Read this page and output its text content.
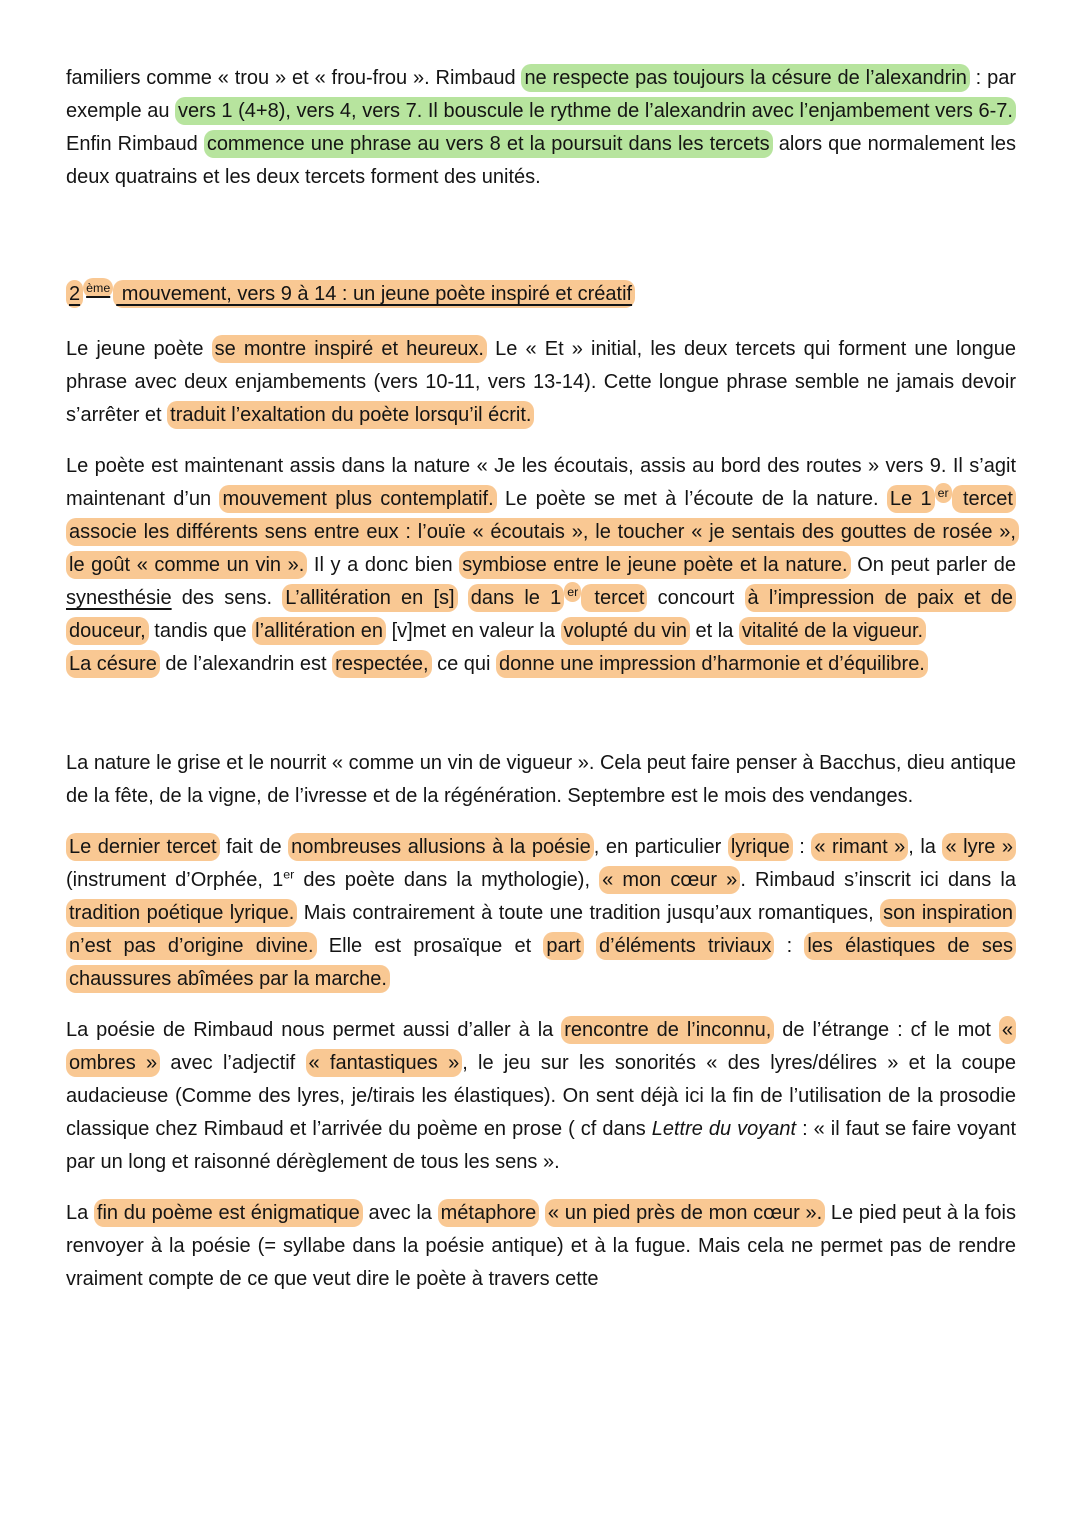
familiers comme « trou » et « frou-frou ». Rimbaud ne respecte pas toujours la césure de l’alexandrin : par exemple au vers 1 (4+8), vers 4, vers 7. Il bouscule le rythme de l’alexandrin avec l’enjambement vers 6-7. Enfin Rimbaud commence une phrase au vers 8 et la poursuit dans les tercets alors que normalement les deux quatrains et les deux tercets forment des unités.
2 $^{ème}$ mouvement, vers 9 à 14 : un jeune poète inspiré et créatif
Le jeune poète se montre inspiré et heureux. Le « Et » initial, les deux tercets qui forment une longue phrase avec deux enjambements (vers 10-11, vers 13-14). Cette longue phrase semble ne jamais devoir s’arrêter et traduit l’exaltation du poète lorsqu’il écrit.
Le poète est maintenant assis dans la nature « Je les écoutais, assis au bord des routes » vers 9. Il s’agit maintenant d’un mouvement plus contemplatif. Le poète se met à l’écoute de la nature. Le 1 $^{er}$ tercet associe les différents sens entre eux : l’ouïe « écoutais », le toucher « je sentais des gouttes de rosée », le goût « comme un vin ». Il y a donc bien symbiose entre le jeune poète et la nature. On peut parler de synesthésie des sens. L’allitération en [s] dans le 1 $^{er}$ tercet concourt à l’impression de paix et de douceur, tandis que l’allitération en [v]met en valeur la volupté du vin et la vitalité de la vigueur.
La césure de l’alexandrin est respectée, ce qui donne une impression d’harmonie et d’équilibre.
La nature le grise et le nourrit « comme un vin de vigueur ». Cela peut faire penser à Bacchus, dieu antique de la fête, de la vigne, de l’ivresse et de la régénération. Septembre est le mois des vendanges.
Le dernier tercet fait de nombreuses allusions à la poésie , en particulier lyrique : « rimant » , la « lyre » (instrument d’Orphée, 1er des poète dans la mythologie), « mon cœur » . Rimbaud s’inscrit ici dans la tradition poétique lyrique. Mais contrairement à toute une tradition jusqu’aux romantiques, son inspiration n’est pas d’origine divine. Elle est prosaïque et part d’éléments triviaux : les élastiques de ses chaussures abîmées par la marche.
La poésie de Rimbaud nous permet aussi d’aller à la rencontre de l’inconnu, de l’étrange : cf le mot « ombres » avec l’adjectif « fantastiques » , le jeu sur les sonorités « des lyres/délires » et la coupe audacieuse (Comme des lyres, je/tirais les élastiques). On sent déjà ici la fin de l’utilisation de la prosodie classique chez Rimbaud et l’arrivée du poème en prose ( cf dans Lettre du voyant : « il faut se faire voyant par un long et raisonné dérèglement de tous les sens ».
La fin du poème est énigmatique avec la métaphore « un pied près de mon cœur ». Le pied peut à la fois renvoyer à la poésie (= syllabe dans la poésie antique) et à la fugue. Mais cela ne permet pas de rendre vraiment compte de ce que veut dire le poète à travers cette
